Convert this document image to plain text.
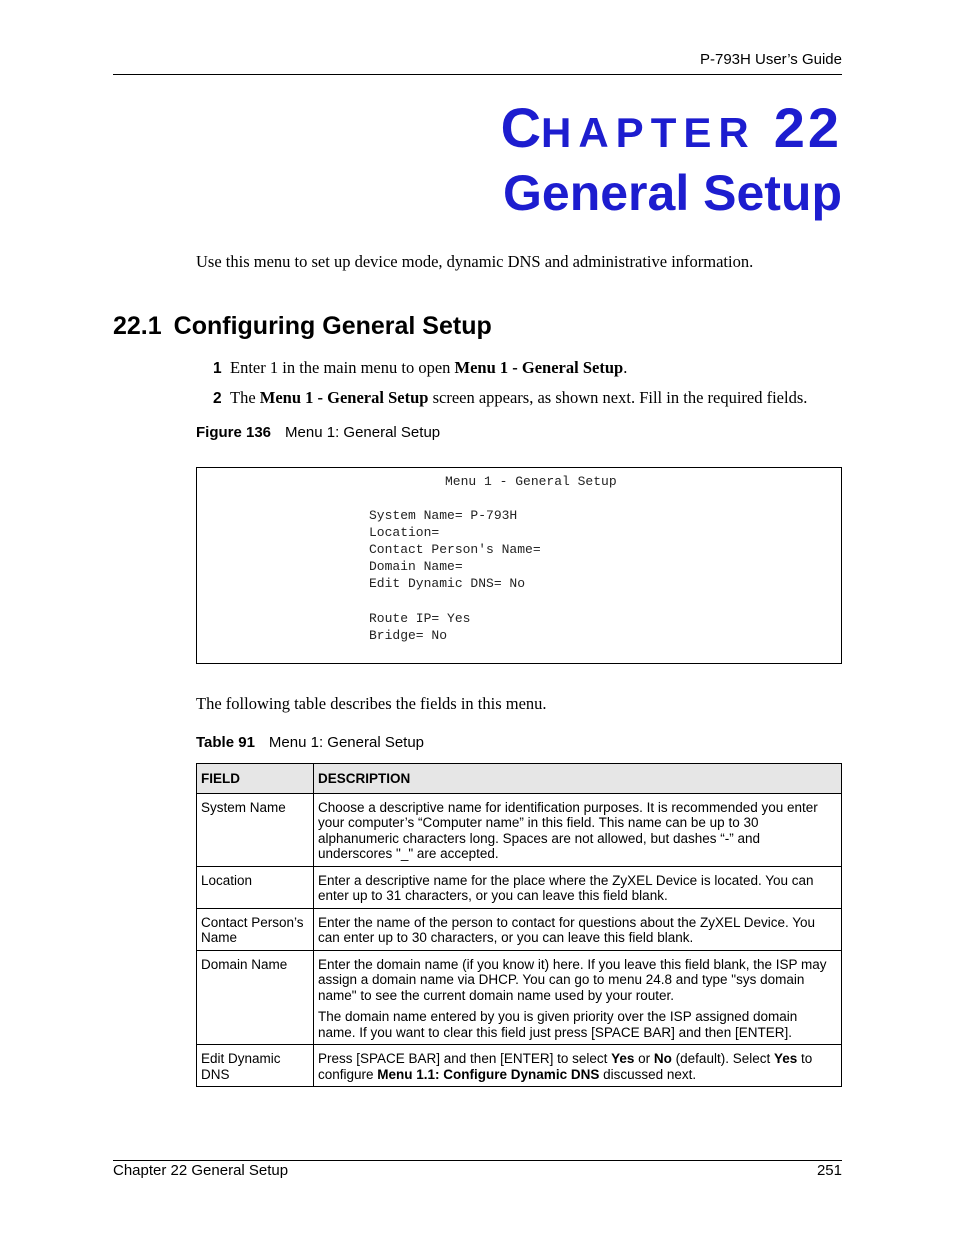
P-793H User’s Guide
CHAPTER 22
General Setup
Use this menu to set up device mode, dynamic DNS and administrative information.
22.1 Configuring General Setup
1 Enter 1 in the main menu to open Menu 1 - General Setup.
2 The Menu 1 - General Setup screen appears, as shown next. Fill in the required fields.
Figure 136 Menu 1: General Setup
Menu 1 - General Setup
System Name= P-793H
Location=
Contact Person's Name=
Domain Name=
Edit Dynamic DNS= No
Route IP= Yes
Bridge= No
The following table describes the fields in this menu.
Table 91 Menu 1: General Setup
FIELD	DESCRIPTION
System Name	Choose a descriptive name for identification purposes. It is recommended you enter your computer’s “Computer name” in this field. This name can be up to 30 alphanumeric characters long. Spaces are not allowed, but dashes “-” and underscores "_" are accepted.

Location	Enter a descriptive name for the place where the ZyXEL Device is located. You can enter up to 31 characters, or you can leave this field blank.

Contact Person’s Name	Enter the name of the person to contact for questions about the ZyXEL Device. You can enter up to 30 characters, or you can leave this field blank.

Domain Name	Enter the domain name (if you know it) here. If you leave this field blank, the ISP may assign a domain name via DHCP. You can go to menu 24.8 and type "sys domain name" to see the current domain name used by your router.

The domain name entered by you is given priority over the ISP assigned domain name. If you want to clear this field just press [SPACE BAR] and then [ENTER].

Edit Dynamic DNS	Press [SPACE BAR] and then [ENTER] to select Yes or No (default). Select Yes to configure Menu 1.1: Configure Dynamic DNS discussed next.

Chapter 22 General Setup	251
